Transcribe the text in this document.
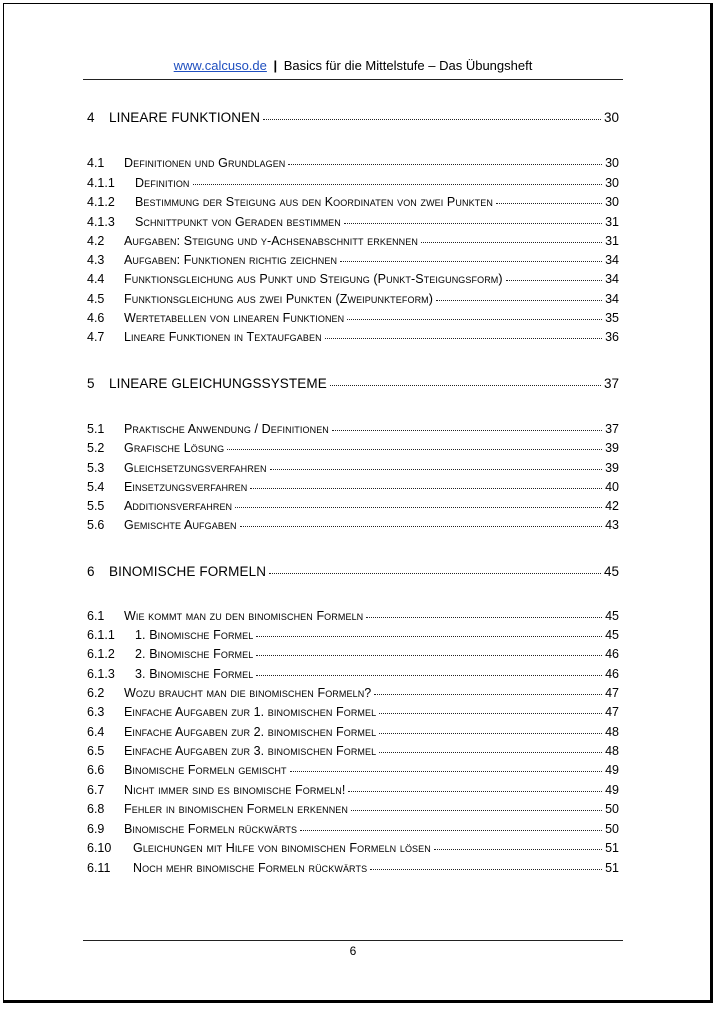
www.calcuso.de | Basics für die Mittelstufe – Das Übungsheft
4	LINEARE FUNKTIONEN	30
4.1	Definitionen und Grundlagen	30
4.1.1	Definition	30
4.1.2	Bestimmung der Steigung aus den Koordinaten von zwei Punkten	30
4.1.3	Schnittpunkt von Geraden bestimmen	31
4.2	Aufgaben: Steigung und y-Achsenabschnitt erkennen	31
4.3	Aufgaben: Funktionen richtig zeichnen	34
4.4	Funktionsgleichung aus Punkt und Steigung (Punkt-Steigungsform)	34
4.5	Funktionsgleichung aus zwei Punkten (Zweipunkteform)	34
4.6	Wertetabellen von linearen Funktionen	35
4.7	Lineare Funktionen in Textaufgaben	36
5	LINEARE GLEICHUNGSSYSTEME	37
5.1	Praktische Anwendung / Definitionen	37
5.2	Grafische Lösung	39
5.3	Gleichsetzungsverfahren	39
5.4	Einsetzungsverfahren	40
5.5	Additionsverfahren	42
5.6	Gemischte Aufgaben	43
6	BINOMISCHE FORMELN	45
6.1	Wie kommt man zu den binomischen Formeln	45
6.1.1	1. Binomische Formel	45
6.1.2	2. Binomische Formel	46
6.1.3	3. Binomische Formel	46
6.2	Wozu braucht man die binomischen Formeln?	47
6.3	Einfache Aufgaben zur 1. binomischen Formel	47
6.4	Einfache Aufgaben zur 2. binomischen Formel	48
6.5	Einfache Aufgaben zur 3. binomischen Formel	48
6.6	Binomische Formeln gemischt	49
6.7	Nicht immer sind es binomische Formeln!	49
6.8	Fehler in binomischen Formeln erkennen	50
6.9	Binomische Formeln rückwärts	50
6.10	Gleichungen mit Hilfe von binomischen Formeln lösen	51
6.11	Noch mehr binomische Formeln rückwärts	51
6
